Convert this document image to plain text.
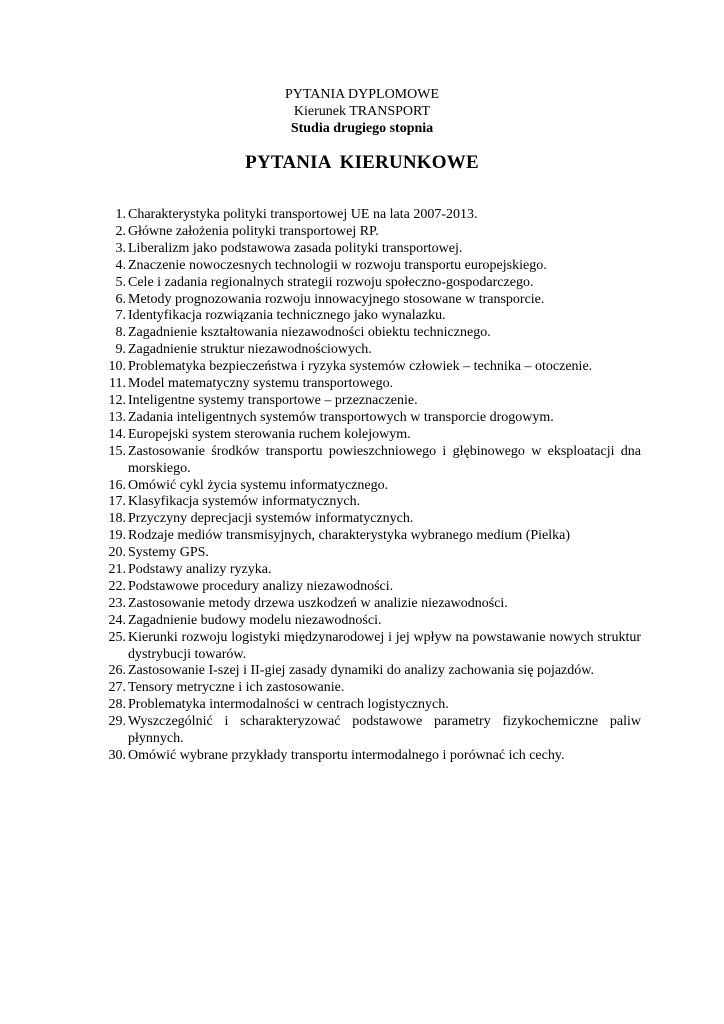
PYTANIA DYPLOMOWE
Kierunek TRANSPORT
Studia drugiego stopnia
PYTANIA KIERUNKOWE
1. Charakterystyka polityki transportowej UE na lata 2007-2013.
2. Główne założenia polityki transportowej RP.
3. Liberalizm jako podstawowa zasada polityki transportowej.
4. Znaczenie nowoczesnych technologii w rozwoju transportu europejskiego.
5. Cele i zadania regionalnych strategii rozwoju społeczno-gospodarczego.
6. Metody prognozowania rozwoju innowacyjnego stosowane w transporcie.
7. Identyfikacja rozwiązania technicznego jako wynalazku.
8. Zagadnienie kształtowania niezawodności obiektu technicznego.
9. Zagadnienie struktur niezawodnościowych.
10. Problematyka bezpieczeństwa i ryzyka systemów człowiek – technika – otoczenie.
11. Model matematyczny systemu transportowego.
12. Inteligentne systemy transportowe – przeznaczenie.
13. Zadania inteligentnych systemów transportowych w transporcie drogowym.
14. Europejski system sterowania ruchem kolejowym.
15. Zastosowanie środków transportu powieszchniowego i głębinowego w eksploatacji dna morskiego.
16. Omówić cykl życia systemu informatycznego.
17. Klasyfikacja systemów informatycznych.
18. Przyczyny deprecjacji systemów informatycznych.
19. Rodzaje mediów transmisyjnych, charakterystyka wybranego medium (Pielka)
20. Systemy GPS.
21. Podstawy analizy ryzyka.
22. Podstawowe procedury analizy niezawodności.
23. Zastosowanie metody drzewa uszkodzeń w analizie niezawodności.
24. Zagadnienie budowy modelu niezawodności.
25. Kierunki rozwoju logistyki międzynarodowej i jej wpływ na powstawanie nowych struktur dystrybucji towarów.
26. Zastosowanie I-szej i II-giej zasady dynamiki do analizy zachowania się pojazdów.
27. Tensory metryczne i ich zastosowanie.
28. Problematyka intermodalności w centrach logistycznych.
29. Wyszczególnić i scharakteryzować podstawowe parametry fizykochemiczne paliw płynnych.
30. Omówić wybrane przykłady transportu intermodalnego i porównać ich cechy.
